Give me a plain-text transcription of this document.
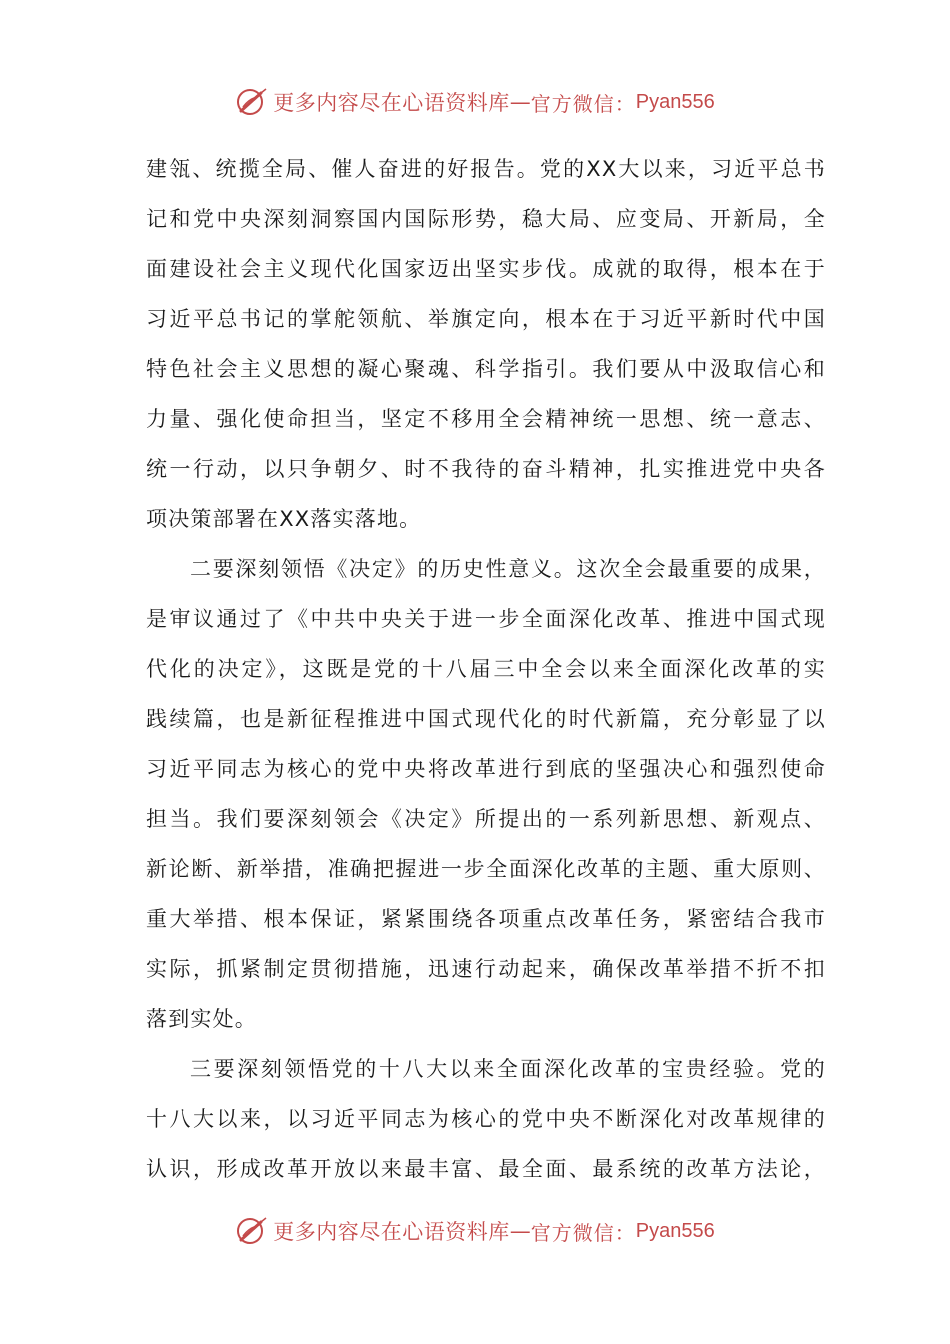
更多内容尽在心语资料库 — 官方微信： Pyan556
建瓴、统揽全局、催人奋进的好报告。党的XX大以来，习近平总书
记和党中央深刻洞察国内国际形势，稳大局、应变局、开新局，全
面建设社会主义现代化国家迈出坚实步伐。成就的取得，根本在于
习近平总书记的掌舵领航、举旗定向，根本在于习近平新时代中国
特色社会主义思想的凝心聚魂、科学指引。我们要从中汲取信心和
力量、强化使命担当，坚定不移用全会精神统一思想、统一意志、
统一行动，以只争朝夕、时不我待的奋斗精神，扎实推进党中央各
项决策部署在XX落实落地。
二要深刻领悟《决定》的历史性意义。这次全会最重要的成果，
是审议通过了《中共中央关于进一步全面深化改革、推进中国式现
代化的决定》，这既是党的十八届三中全会以来全面深化改革的实
践续篇，也是新征程推进中国式现代化的时代新篇，充分彰显了以
习近平同志为核心的党中央将改革进行到底的坚强决心和强烈使命
担当。我们要深刻领会《决定》所提出的一系列新思想、新观点、
新论断、新举措，准确把握进一步全面深化改革的主题、重大原则、
重大举措、根本保证，紧紧围绕各项重点改革任务，紧密结合我市
实际，抓紧制定贯彻措施，迅速行动起来，确保改革举措不折不扣
落到实处。
三要深刻领悟党的十八大以来全面深化改革的宝贵经验。党的
十八大以来，以习近平同志为核心的党中央不断深化对改革规律的
认识，形成改革开放以来最丰富、最全面、最系统的改革方法论，
更多内容尽在心语资料库 — 官方微信： Pyan556
